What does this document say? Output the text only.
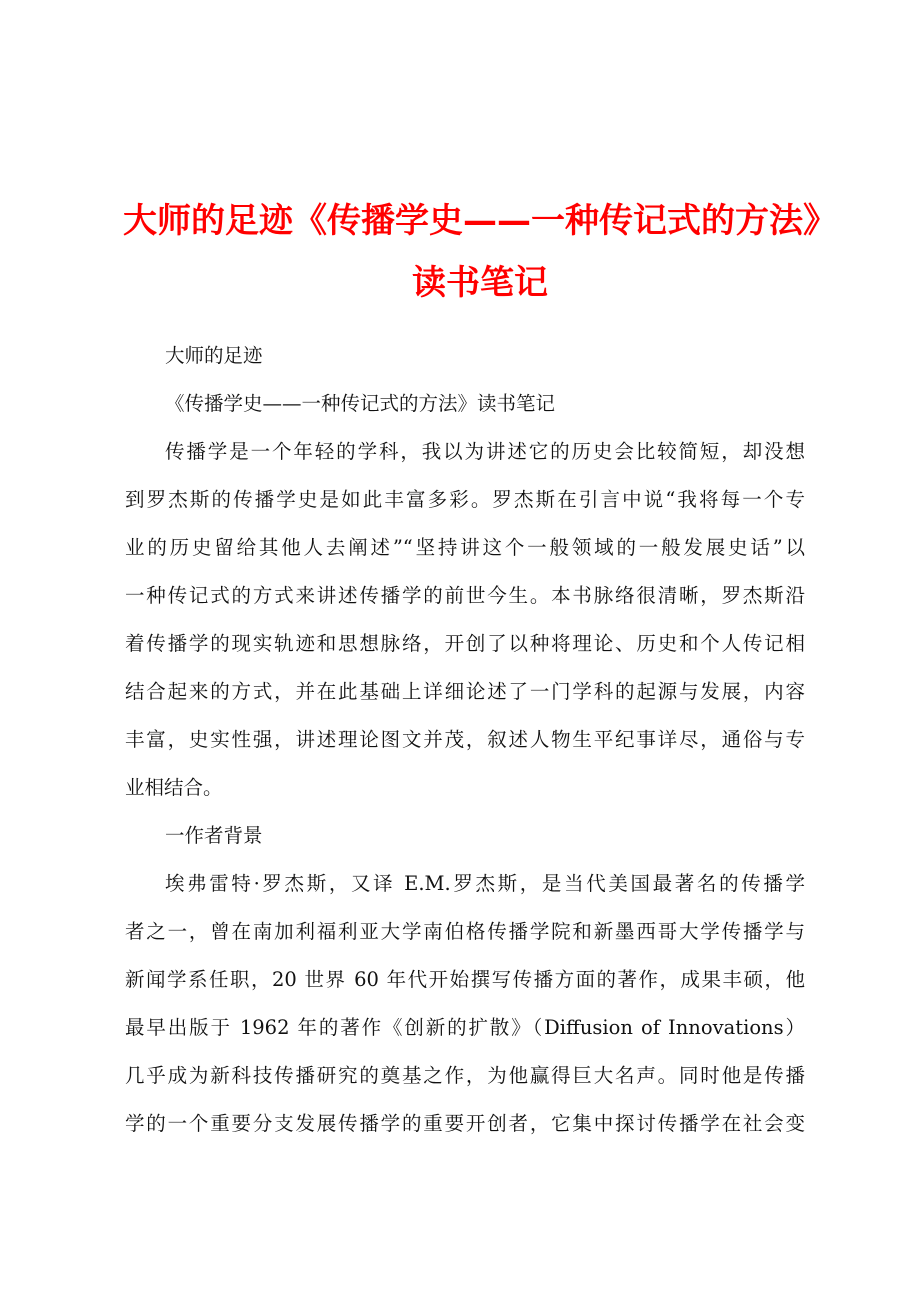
大师的足迹《传播学史——一种传记式的方法》
读书笔记
大师的足迹
《传播学史——一种传记式的方法》读书笔记
传播学是一个年轻的学科，我以为讲述它的历史会比较简短，却没想
到罗杰斯的传播学史是如此丰富多彩。罗杰斯在引言中说“我将每一个专
业的历史留给其他人去阐述”“坚持讲这个一般领域的一般发展史话”以
一种传记式的方式来讲述传播学的前世今生。本书脉络很清晰，罗杰斯沿
着传播学的现实轨迹和思想脉络，开创了以种将理论、历史和个人传记相
结合起来的方式，并在此基础上详细论述了一门学科的起源与发展，内容
丰富，史实性强，讲述理论图文并茂，叙述人物生平纪事详尽，通俗与专
业相结合。
一作者背景
埃弗雷特·罗杰斯，又译 E.M.罗杰斯，是当代美国最著名的传播学
者之一，曾在南加利福利亚大学南伯格传播学院和新墨西哥大学传播学与
新闻学系任职，20 世界 60 年代开始撰写传播方面的著作，成果丰硕，他
最早出版于 1962 年的著作《创新的扩散》（Diffusion of Innovations）
几乎成为新科技传播研究的奠基之作，为他赢得巨大名声。同时他是传播
学的一个重要分支发展传播学的重要开创者，它集中探讨传播学在社会变
